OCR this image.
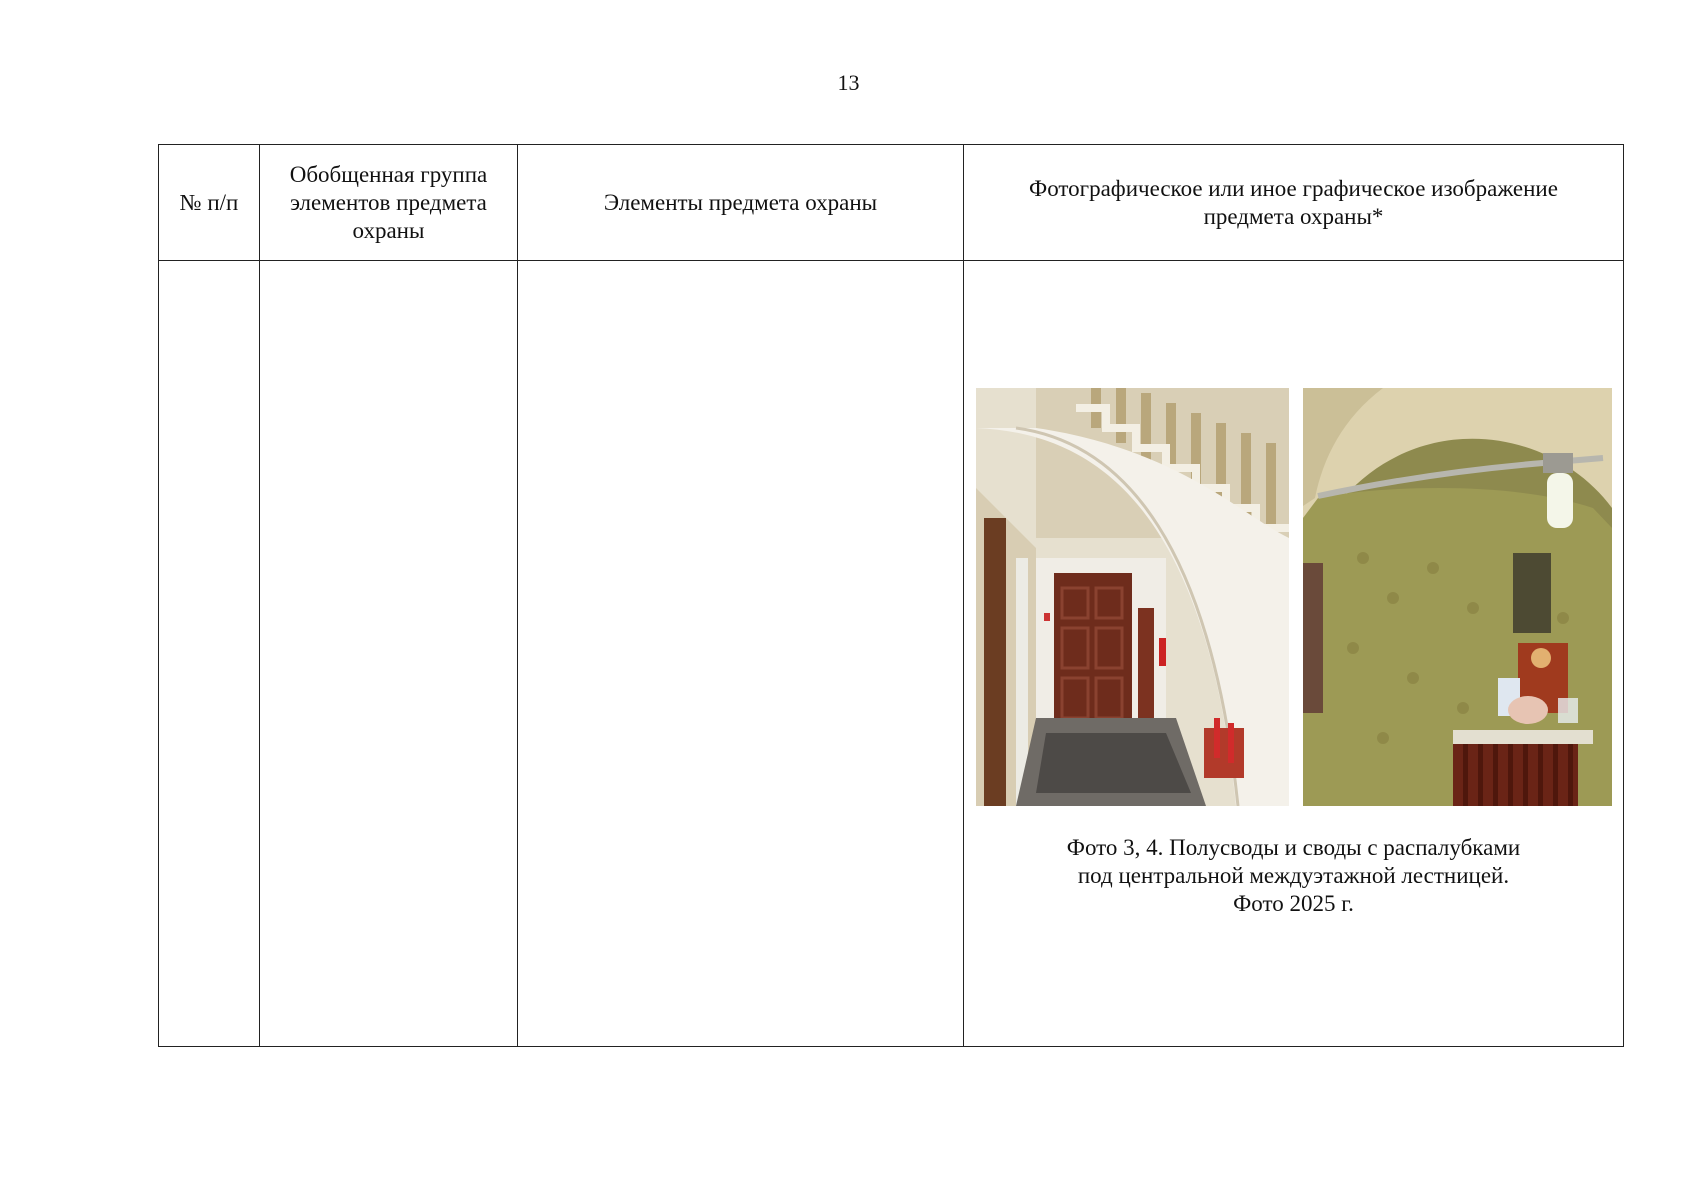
13
№ п/п	Обобщенная группа элементов предмета охраны	Элементы предмета охраны	Фотографическое или иное графическое изображение предмета охраны*

			Фото 3, 4. Полусводы и своды с распалубками
под центральной междуэтажной лестницей.
Фото 2025 г.
